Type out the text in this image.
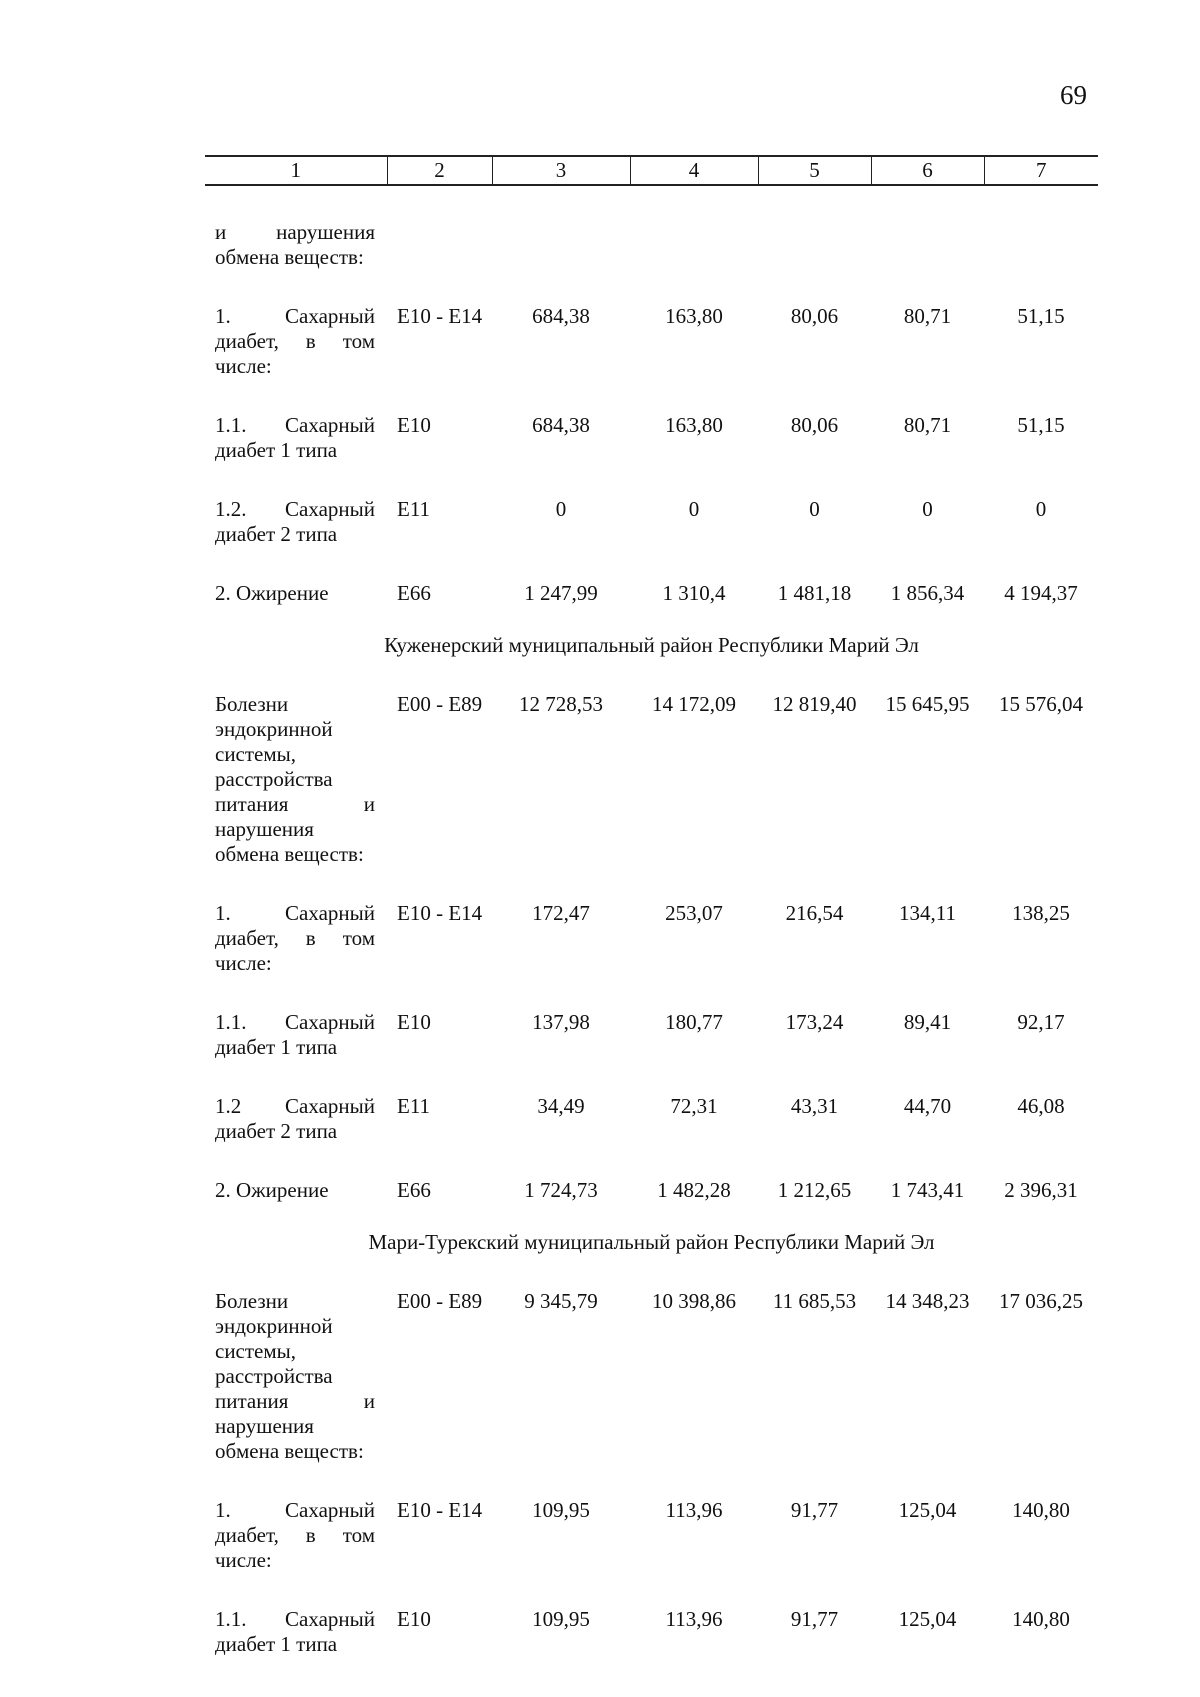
69
1	2	3	4	5	6	7
и нарушения обмена веществ:						
1. Сахарный диабет, в том числе:	Е10 - Е14	684,38	163,80	80,06	80,71	51,15
1.1. Сахарный диабет 1 типа	Е10	684,38	163,80	80,06	80,71	51,15
1.2. Сахарный диабет 2 типа	Е11	0	0	0	0	0
2. Ожирение	Е66	1 247,99	1 310,4	1 481,18	1 856,34	4 194,37
Куженерский муниципальный район Республики Марий Эл						
Болезни эндокринной системы, расстройства питания и нарушения обмена веществ:	Е00 - Е89	12 728,53	14 172,09	12 819,40	15 645,95	15 576,04
1. Сахарный диабет, в том числе:	Е10 - Е14	172,47	253,07	216,54	134,11	138,25
1.1. Сахарный диабет 1 типа	Е10	137,98	180,77	173,24	89,41	92,17
1.2 Сахарный диабет 2 типа	Е11	34,49	72,31	43,31	44,70	46,08
2. Ожирение	Е66	1 724,73	1 482,28	1 212,65	1 743,41	2 396,31
Мари-Турекский муниципальный район Республики Марий Эл						
Болезни эндокринной системы, расстройства питания и нарушения обмена веществ:	Е00 - Е89	9 345,79	10 398,86	11 685,53	14 348,23	17 036,25
1. Сахарный диабет, в том числе:	Е10 - Е14	109,95	113,96	91,77	125,04	140,80
1.1. Сахарный диабет 1 типа	Е10	109,95	113,96	91,77	125,04	140,80
